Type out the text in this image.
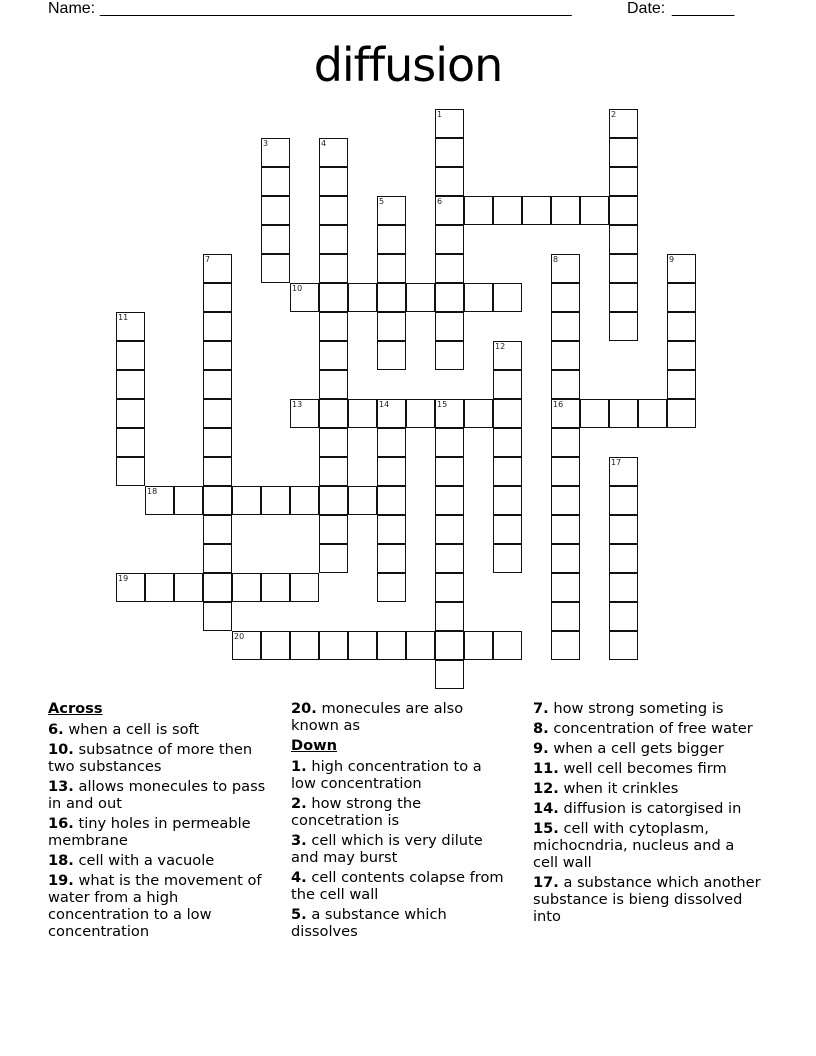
Name: _____________________________________________________	Date: _______
diffusion
1
6
2
3	4
5
7	8
16
9
10
11
12
13	14	15
17
18
19
20
Across
6. when a cell is soft
10. subsatnce of more then two substances
13. allows monecules to pass in and out
16. tiny holes in permeable membrane
18. cell with a vacuole
19. what is the movement of water from a high concentration to a low concentration
20. monecules are also known as
Down
1. high concentration to a low concentration
2. how strong the concetration is
3. cell which is very dilute and may burst
4. cell contents colapse from the cell wall
5. a substance which dissolves
7. how strong someting is
8. concentration of free water
9. when a cell gets bigger
11. well cell becomes firm
12. when it crinkles
14. diffusion is catorgised in
15. cell with cytoplasm, michocndria, nucleus and a cell wall
17. a substance which another substance is bieng dissolved into
